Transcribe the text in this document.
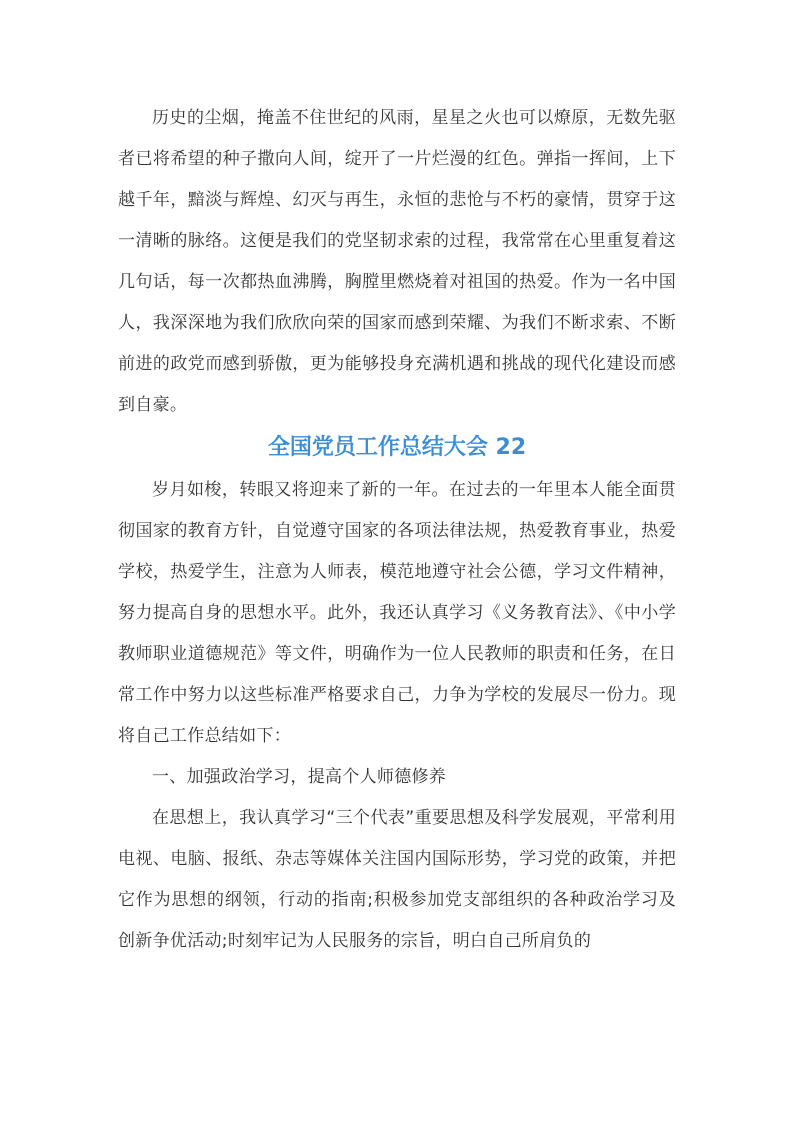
历史的尘烟，掩盖不住世纪的风雨，星星之火也可以燎原，无数先驱者已将希望的种子撒向人间，绽开了一片烂漫的红色。弹指一挥间，上下越千年，黯淡与辉煌、幻灭与再生，永恒的悲怆与不朽的豪情，贯穿于这一清晰的脉络。这便是我们的党坚韧求索的过程，我常常在心里重复着这几句话，每一次都热血沸腾，胸膛里燃烧着对祖国的热爱。作为一名中国人，我深深地为我们欣欣向荣的国家而感到荣耀、为我们不断求索、不断前进的政党而感到骄傲，更为能够投身充满机遇和挑战的现代化建设而感到自豪。

全国党员工作总结大会 22

岁月如梭，转眼又将迎来了新的一年。在过去的一年里本人能全面贯彻国家的教育方针，自觉遵守国家的各项法律法规，热爱教育事业，热爱学校，热爱学生，注意为人师表，模范地遵守社会公德，学习文件精神，努力提高自身的思想水平。此外，我还认真学习《义务教育法》、《中小学教师职业道德规范》等文件，明确作为一位人民教师的职责和任务，在日常工作中努力以这些标准严格要求自己，力争为学校的发展尽一份力。现将自己工作总结如下：

一、加强政治学习，提高个人师德修养

在思想上，我认真学习“三个代表”重要思想及科学发展观，平常利用电视、电脑、报纸、杂志等媒体关注国内国际形势，学习党的政策，并把它作为思想的纲领，行动的指南;积极参加党支部组织的各种政治学习及创新争优活动;时刻牢记为人民服务的宗旨，明白自己所肩负的
